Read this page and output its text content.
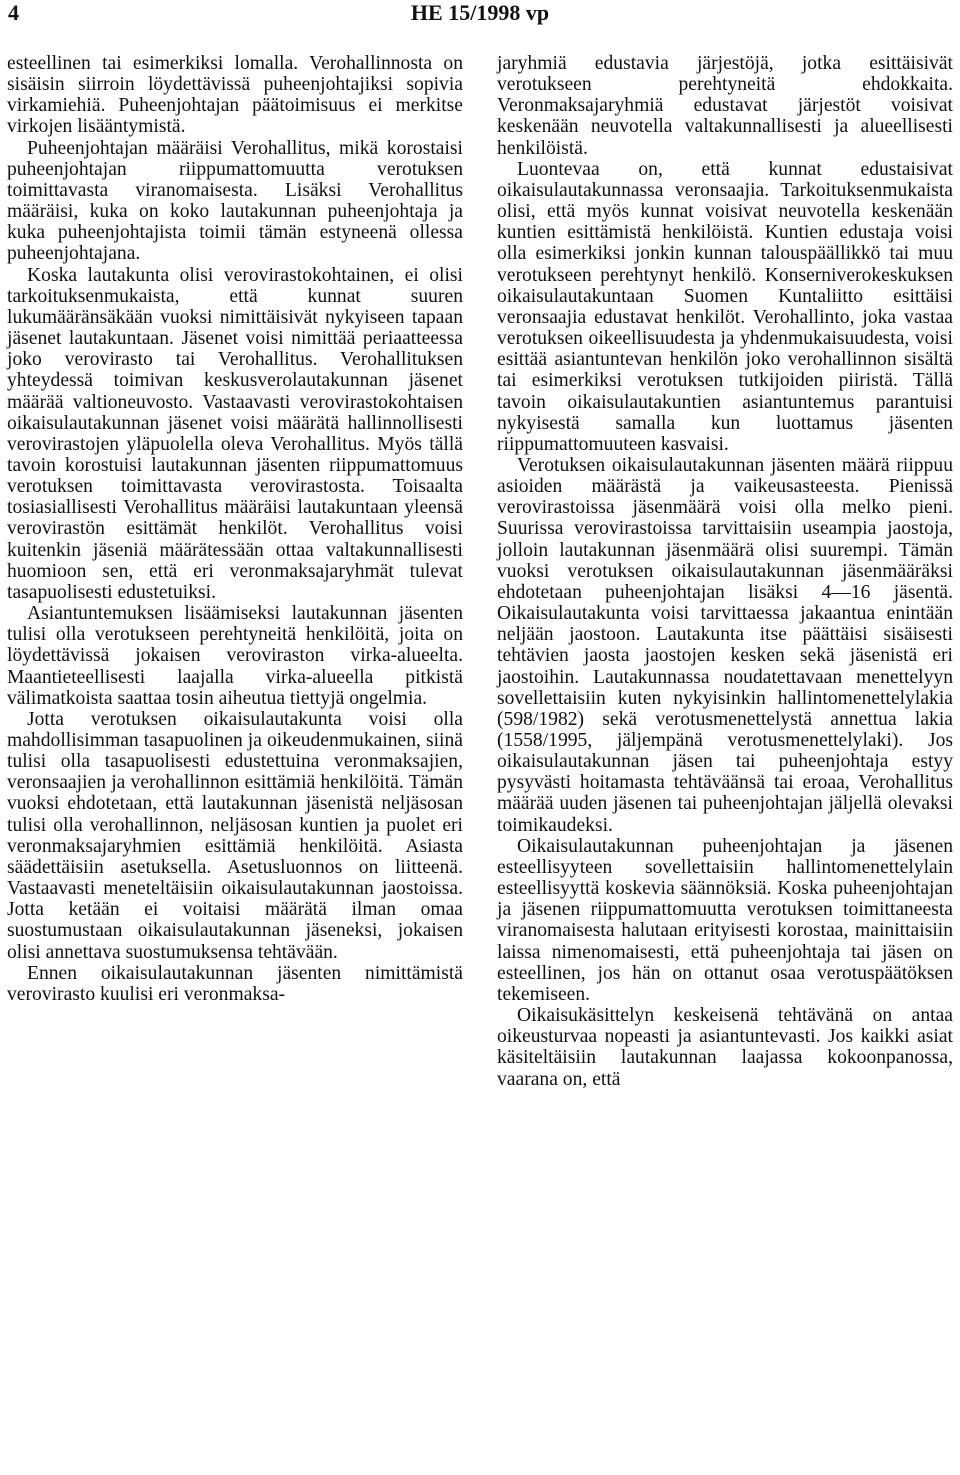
4	HE 15/1998 vp

esteellinen tai esimerkiksi lomalla. Verohallinnosta on sisäisin siirroin löydettävissä puheenjohtajiksi sopivia virkamiehiä. Puheenjohtajan päätoimisuus ei merkitse virkojen lisääntymistä.

Puheenjohtajan määräisi Verohallitus, mikä korostaisi puheenjohtajan riippumattomuutta verotuksen toimittavasta viranomaisesta. Lisäksi Verohallitus määräisi, kuka on koko lautakunnan puheenjohtaja ja kuka puheenjohtajista toimii tämän estyneenä ollessa puheenjohtajana.

Koska lautakunta olisi verovirastokohtainen, ei olisi tarkoituksenmukaista, että kunnat suuren lukumääränsäkään vuoksi nimittäisivät nykyiseen tapaan jäsenet lautakuntaan. Jäsenet voisi nimittää periaatteessa joko verovirasto tai Verohallitus. Verohallituksen yhteydessä toimivan keskusverolautakunnan jäsenet määrää valtioneuvosto. Vastaavasti verovirastokohtaisen oikaisulautakunnan jäsenet voisi määrätä hallinnollisesti verovirastojen yläpuolella oleva Verohallitus. Myös tällä tavoin korostuisi lautakunnan jäsenten riippumattomuus verotuksen toimittavasta verovirastosta. Toisaalta tosiasiallisesti Verohallitus määräisi lautakuntaan yleensä verovirastön esittämät henkilöt. Verohallitus voisi kuitenkin jäseniä määrätessään ottaa valtakunnallisesti huomioon sen, että eri veronmaksajaryhmät tulevat tasapuolisesti edustetuiksi.

Asiantuntemuksen lisäämiseksi lautakunnan jäsenten tulisi olla verotukseen perehtyneitä henkilöitä, joita on löydettävissä jokaisen veroviraston virka-alueelta. Maantieteellisesti laajalla virka-alueella pitkistä välimatkoista saattaa tosin aiheutua tiettyjä ongelmia.

Jotta verotuksen oikaisulautakunta voisi olla mahdollisimman tasapuolinen ja oikeudenmukainen, siinä tulisi olla tasapuolisesti edustettuina veronmaksajien, veronsaajien ja verohallinnon esittämiä henkilöitä. Tämän vuoksi ehdotetaan, että lautakunnan jäsenistä neljäsosan tulisi olla verohallinnon, neljäsosan kuntien ja puolet eri veronmaksajaryhmien esittämiä henkilöitä. Asiasta säädettäisiin asetuksella. Asetusluonnos on liitteenä. Vastaavasti meneteltäisiin oikaisulautakunnan jaostoissa. Jotta ketään ei voitaisi määrätä ilman omaa suostumustaan oikaisulautakunnan jäseneksi, jokaisen olisi annettava suostumuksensa tehtävään.

Ennen oikaisulautakunnan jäsenten nimittämistä verovirasto kuulisi eri veronmaksa-

jaryhmiä edustavia järjestöjä, jotka esittäisivät verotukseen perehtyneitä ehdokkaita. Veronmaksajaryhmiä edustavat järjestöt voisivat keskenään neuvotella valtakunnallisesti ja alueellisesti henkilöistä.

Luontevaa on, että kunnat edustaisivat oikaisulautakunnassa veronsaajia. Tarkoituksenmukaista olisi, että myös kunnat voisivat neuvotella keskenään kuntien esittämistä henkilöistä. Kuntien edustaja voisi olla esimerkiksi jonkin kunnan talouspäällikkö tai muu verotukseen perehtynyt henkilö. Konserniverokeskuksen oikaisulautakuntaan Suomen Kuntaliitto esittäisi veronsaajia edustavat henkilöt. Verohallinto, joka vastaa verotuksen oikeellisuudesta ja yhdenmukaisuudesta, voisi esittää asiantuntevan henkilön joko verohallinnon sisältä tai esimerkiksi verotuksen tutkijoiden piiristä. Tällä tavoin oikaisulautakuntien asiantuntemus parantuisi nykyisestä samalla kun luottamus jäsenten riippumattomuuteen kasvaisi.

Verotuksen oikaisulautakunnan jäsenten määrä riippuu asioiden määrästä ja vaikeusasteesta. Pienissä verovirastoissa jäsenmäärä voisi olla melko pieni. Suurissa verovirastoissa tarvittaisiin useampia jaostoja, jolloin lautakunnan jäsenmäärä olisi suurempi. Tämän vuoksi verotuksen oikaisulautakunnan jäsenmääräksi ehdotetaan puheenjohtajan lisäksi 4—16 jäsentä. Oikaisulautakunta voisi tarvittaessa jakaantua enintään neljään jaostoon. Lautakunta itse päättäisi sisäisesti tehtävien jaosta jaostojen kesken sekä jäsenistä eri jaostoihin. Lautakunnassa noudatettavaan menettelyyn sovellettaisiin kuten nykyisinkin hallintomenettelylakia (598/1982) sekä verotusmenettelystä annettua lakia (1558/1995, jäljempänä verotusmenettelylaki). Jos oikaisulautakunnan jäsen tai puheenjohtaja estyy pysyvästi hoitamasta tehtäväänsä tai eroaa, Verohallitus määrää uuden jäsenen tai puheenjohtajan jäljellä olevaksi toimikaudeksi.

Oikaisulautakunnan puheenjohtajan ja jäsenen esteellisyyteen sovellettaisiin hallintomenettelylain esteellisyyttä koskevia säännöksiä. Koska puheenjohtajan ja jäsenen riippumattomuutta verotuksen toimittaneesta viranomaisesta halutaan erityisesti korostaa, mainittaisiin laissa nimenomaisesti, että puheenjohtaja tai jäsen on esteellinen, jos hän on ottanut osaa verotuspäätöksen tekemiseen.

Oikaisukäsittelyn keskeisenä tehtävänä on antaa oikeusturvaa nopeasti ja asiantuntevasti. Jos kaikki asiat käsiteltäisiin lautakunnan laajassa kokoonpanossa, vaarana on, että
